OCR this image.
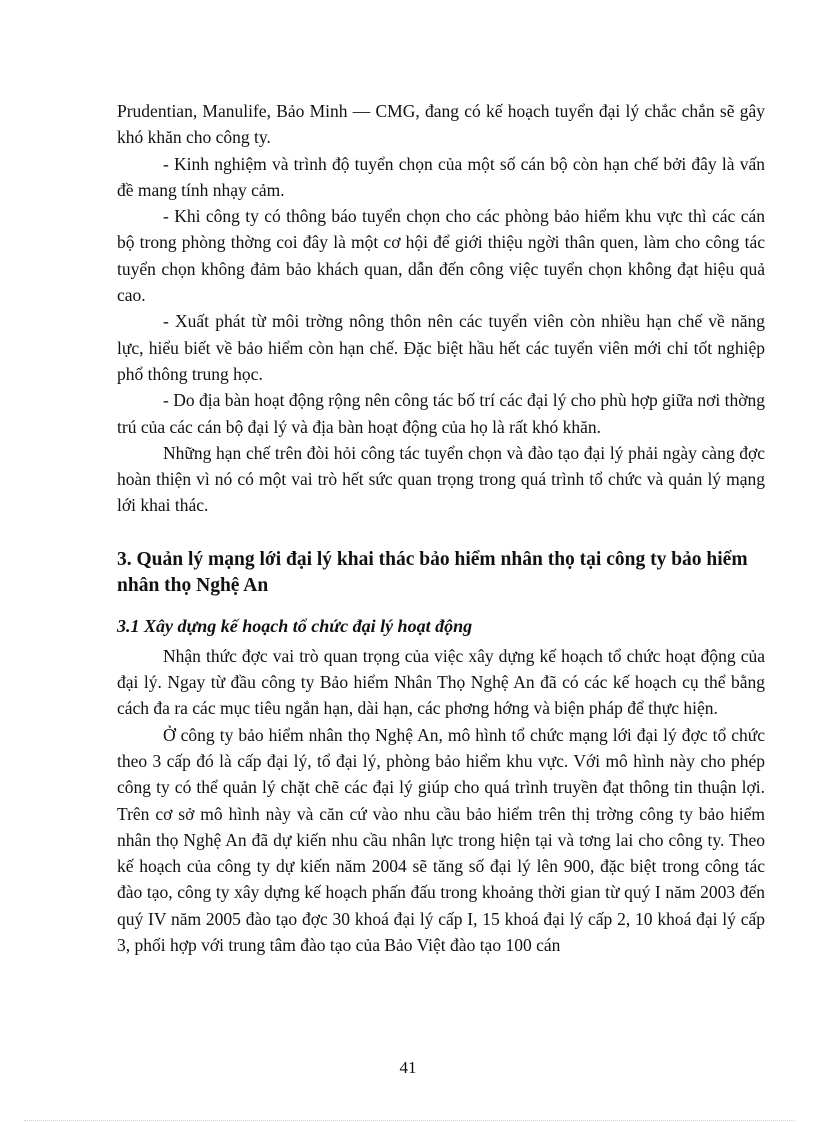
Prudentian, Manulife, Bảo Minh — CMG, đang có kế hoạch tuyển đại lý chắc chắn sẽ gây khó khăn cho công ty.

- Kinh nghiệm và trình độ tuyển chọn của một số cán bộ còn hạn chế bởi đây là vấn đề mang tính nhạy cảm.

- Khi công ty có thông báo tuyển chọn cho các phòng bảo hiểm khu vực thì các cán bộ trong phòng thờng coi đây là một cơ hội để giới thiệu ngời thân quen, làm cho công tác tuyển chọn không đảm bảo khách quan, dẫn đến công việc tuyển chọn không đạt hiệu quả cao.

- Xuất phát từ môi trờng nông thôn nên các tuyển viên còn nhiều hạn chế về năng lực, hiểu biết về bảo hiểm còn hạn chế. Đặc biệt hầu hết các tuyển viên mới chỉ tốt nghiệp phổ thông trung học.

- Do địa bàn hoạt động rộng nên công tác bố trí các đại lý cho phù hợp giữa nơi thờng trú của các cán bộ đại lý và địa bàn hoạt động của họ là rất khó khăn.

Những hạn chế trên đòi hỏi công tác tuyển chọn và đào tạo đại lý phải ngày càng đợc hoàn thiện vì nó có một vai trò hết sức quan trọng trong quá trình tổ chức và quản lý mạng lới khai thác.

3. Quản lý mạng lới đại lý khai thác bảo hiểm nhân thọ tại công ty bảo hiểm nhân thọ Nghệ An
3.1 Xây dựng kế hoạch tổ chức đại lý hoạt động

Nhận thức đợc vai trò quan trọng của việc xây dựng kế hoạch tổ chức hoạt động của đại lý. Ngay từ đầu công ty Bảo hiểm Nhân Thọ Nghệ An đã có các kế hoạch cụ thể bằng cách đa ra các mục tiêu ngắn hạn, dài hạn, các phơng hớng và biện pháp để thực hiện.

Ở công ty bảo hiểm nhân thọ Nghệ An, mô hình tổ chức mạng lới đại lý đợc tổ chức theo 3 cấp đó là cấp đại lý, tổ đại lý, phòng bảo hiểm khu vực. Với mô hình này cho phép công ty có thể quản lý chặt chẽ các đại lý giúp cho quá trình truyền đạt thông tin thuận lợi. Trên cơ sở mô hình này và căn cứ vào nhu cầu bảo hiểm trên thị trờng công ty bảo hiểm nhân thọ Nghệ An đã dự kiến nhu cầu nhân lực trong hiện tại và tơng lai cho công ty. Theo kế hoạch của công ty dự kiến năm 2004 sẽ tăng số đại lý lên 900, đặc biệt trong công tác đào tạo, công ty xây dựng kế hoạch phấn đấu trong khoảng thời gian từ quý I năm 2003 đến quý IV năm 2005 đào tạo đợc 30 khoá đại lý cấp I, 15 khoá đại lý cấp 2, 10 khoá đại lý cấp 3, phối hợp với trung tâm đào tạo của Bảo Việt đào tạo 100 cán

41
